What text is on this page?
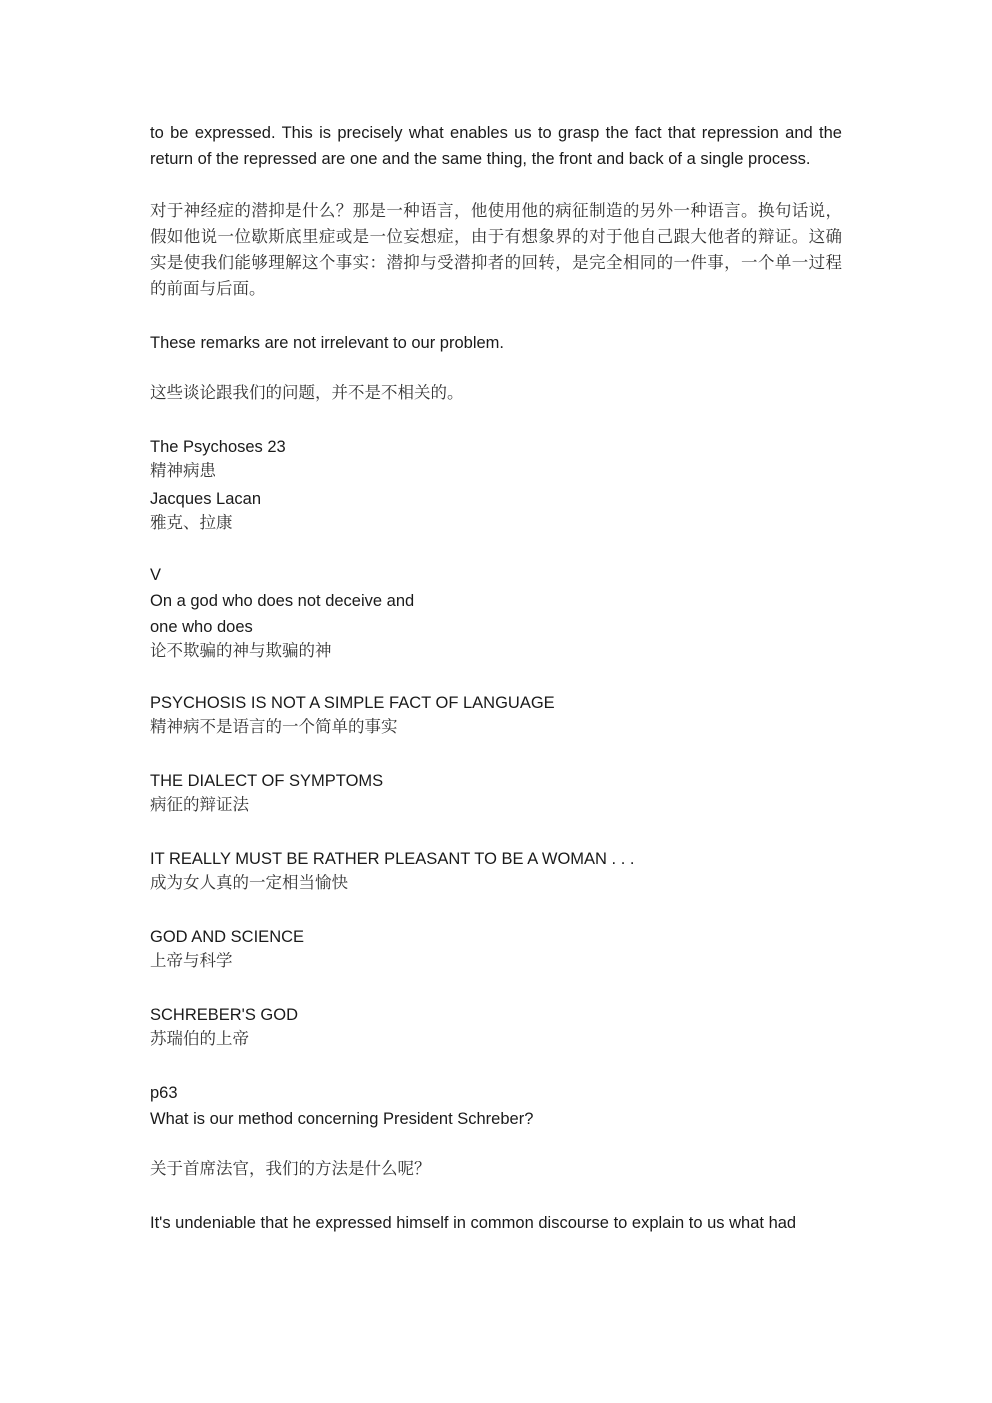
to be expressed. This is precisely what enables us to grasp the fact that repression and the return of the repressed are one and the same thing, the front and back of a single process.

对于神经症的潜抑是什么？那是一种语言，他使用他的病征制造的另外一种语言。换句话说，假如他说一位歇斯底里症或是一位妄想症，由于有想象界的对于他自己跟大他者的辩证。这确实是使我们能够理解这个事实：潜抑与受潜抑者的回转，是完全相同的一件事，一个单一过程的前面与后面。

These remarks are not irrelevant to our problem.

这些谈论跟我们的问题，并不是不相关的。

The Psychoses 23

精神病患

Jacques Lacan

雅克、拉康

V

On a god who does not deceive and

one who does

论不欺骗的神与欺骗的神

PSYCHOSIS IS NOT A SIMPLE FACT OF LANGUAGE

精神病不是语言的一个简单的事实

THE DIALECT OF SYMPTOMS

病征的辩证法

IT REALLY MUST BE RATHER PLEASANT TO BE A WOMAN . . .

成为女人真的一定相当愉快

GOD AND SCIENCE

上帝与科学

SCHREBER'S GOD

苏瑞伯的上帝

p63

What is our method concerning President Schreber?

关于首席法官，我们的方法是什么呢？

It's undeniable that he expressed himself in common discourse to explain to us what had
